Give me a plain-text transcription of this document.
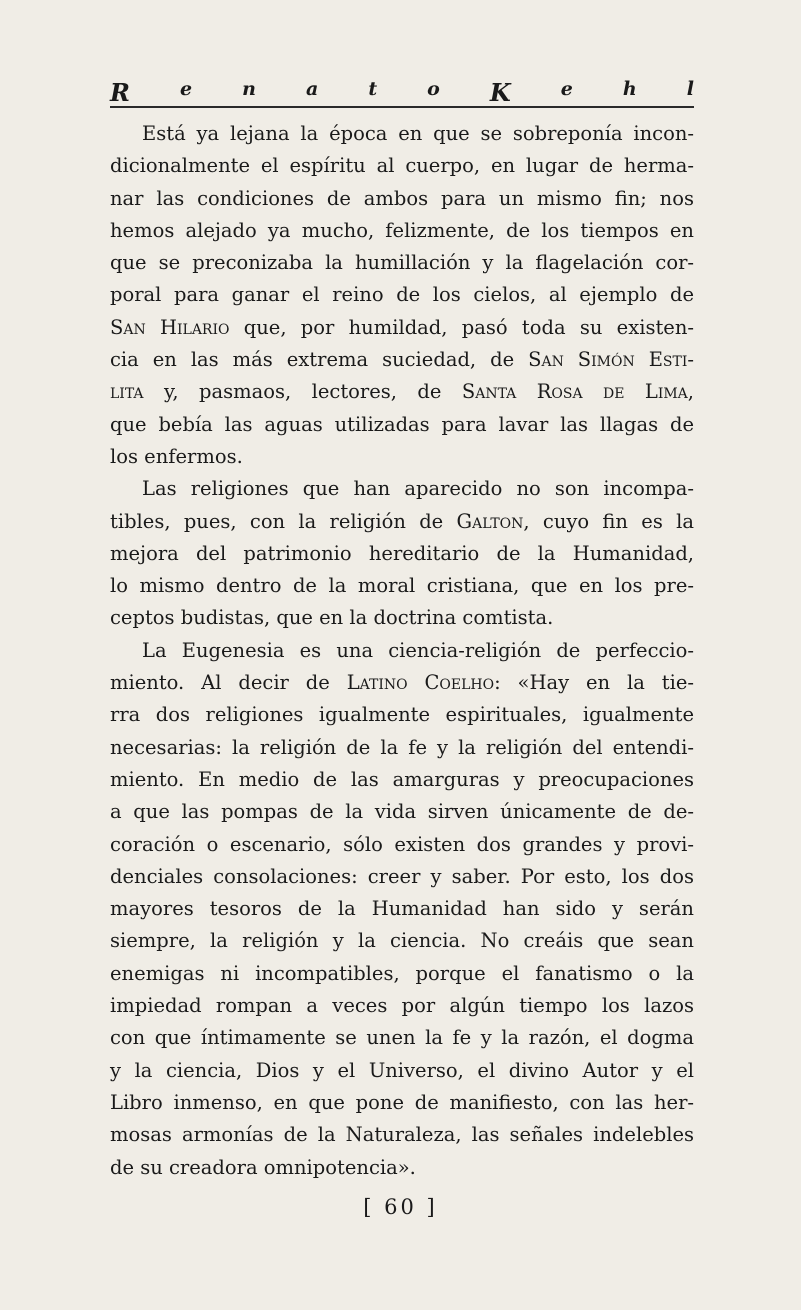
R	e	n	a	t	o K	e	h	l
Está ya lejana la época en que se sobreponía incon-
dicionalmente el espíritu al cuerpo, en lugar de herma-
nar las condiciones de ambos para un mismo fin; nos
hemos alejado ya mucho, felizmente, de los tiempos en
que se preconizaba la humillación y la flagelación cor-
poral para ganar el reino de los cielos, al ejemplo de
San Hilario que, por humildad, pasó toda su existen-
cia en las más extrema suciedad, de San Simón Esti-
lita y, pasmaos, lectores, de Santa Rosa de Lima,
que bebía las aguas utilizadas para lavar las llagas de
los enfermos.
Las religiones que han aparecido no son incompa-
tibles, pues, con la religión de Galton, cuyo fin es la
mejora del patrimonio hereditario de la Humanidad,
lo mismo dentro de la moral cristiana, que en los pre-
ceptos budistas, que en la doctrina comtista.
La Eugenesia es una ciencia-religión de perfeccio-
miento. Al decir de Latino Coelho: «Hay en la tie-
rra dos religiones igualmente espirituales, igualmente
necesarias: la religión de la fe y la religión del entendi-
miento. En medio de las amarguras y preocupaciones
a que las pompas de la vida sirven únicamente de de-
coración o escenario, sólo existen dos grandes y provi-
denciales consolaciones: creer y saber. Por esto, los dos
mayores tesoros de la Humanidad han sido y serán
siempre, la religión y la ciencia. No creáis que sean
enemigas ni incompatibles, porque el fanatismo o la
impiedad rompan a veces por algún tiempo los lazos
con que íntimamente se unen la fe y la razón, el dogma
y la ciencia, Dios y el Universo, el divino Autor y el
Libro inmenso, en que pone de manifiesto, con las her-
mosas armonías de la Naturaleza, las señales indelebles
de su creadora omnipotencia».
[ 60 ]
